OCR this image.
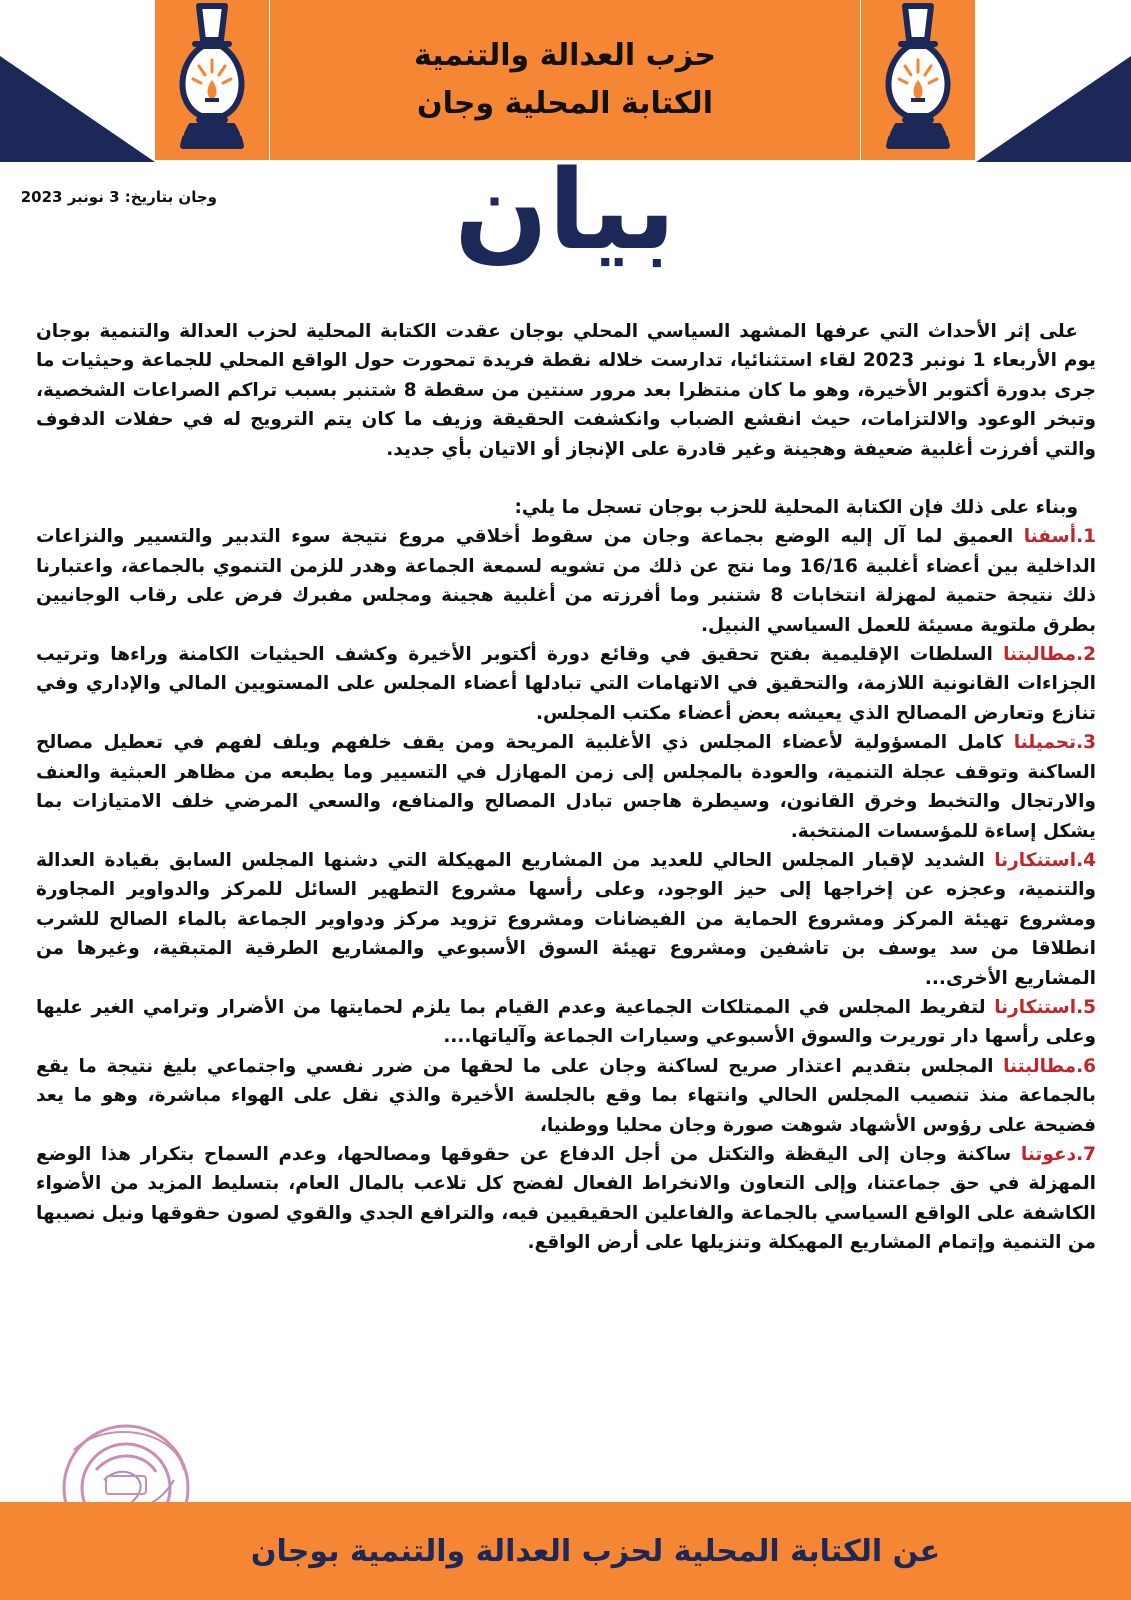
حزب العدالة والتنمية
الكتابة المحلية وجان
وجان بتاريخ: 3 نونبر 2023 بيان

على إثر الأحداث التي عرفها المشهد السياسي المحلي بوجان عقدت الكتابة المحلية لحزب العدالة والتنمية بوجان يوم الأربعاء 1 نونبر 2023 لقاء استثنائيا، تدارست خلاله نقطة فريدة تمحورت حول الواقع المحلي للجماعة وحيثيات ما جرى بدورة أكتوبر الأخيرة، وهو ما كان منتظرا بعد مرور سنتين من سقطة 8 شتنبر بسبب تراكم الصراعات الشخصية، وتبخر الوعود والالتزامات، حيث انقشع الضباب وانكشفت الحقيقة وزيف ما كان يتم الترويج له في حفلات الدفوف والتي أفرزت أغلبية ضعيفة وهجينة وغير قادرة على الإنجاز أو الاتيان بأي جديد.

وبناء على ذلك فإن الكتابة المحلية للحزب بوجان تسجل ما يلي:

1.أسفنا العميق لما آل إليه الوضع بجماعة وجان من سقوط أخلاقي مروع نتيجة سوء التدبير والتسيير والنزاعات الداخلية بين أعضاء أغلبية 16/16 وما نتج عن ذلك من تشويه لسمعة الجماعة وهدر للزمن التنموي بالجماعة، واعتبارنا ذلك نتيجة حتمية لمهزلة انتخابات 8 شتنبر وما أفرزته من أغلبية هجينة ومجلس مفبرك فرض على رقاب الوجانيين بطرق ملتوية مسيئة للعمل السياسي النبيل.

2.مطالبتنا السلطات الإقليمية بفتح تحقيق في وقائع دورة أكتوبر الأخيرة وكشف الحيثيات الكامنة وراءها وترتيب الجزاءات القانونية اللازمة، والتحقيق في الاتهامات التي تبادلها أعضاء المجلس على المستويين المالي والإداري وفي تنازع وتعارض المصالح الذي يعيشه بعض أعضاء مكتب المجلس.

3.تحميلنا كامل المسؤولية لأعضاء المجلس ذي الأغلبية المريحة ومن يقف خلفهم ويلف لفهم في تعطيل مصالح الساكنة وتوقف عجلة التنمية، والعودة بالمجلس إلى زمن المهازل في التسيير وما يطبعه من مظاهر العبثية والعنف والارتجال والتخبط وخرق القانون، وسيطرة هاجس تبادل المصالح والمنافع، والسعي المرضي خلف الامتيازات بما يشكل إساءة للمؤسسات المنتخبة.

4.استنكارنا الشديد لإقبار المجلس الحالي للعديد من المشاريع المهيكلة التي دشنها المجلس السابق بقيادة العدالة والتنمية، وعجزه عن إخراجها إلى حيز الوجود، وعلى رأسها مشروع التطهير السائل للمركز والدواوير المجاورة ومشروع تهيئة المركز ومشروع الحماية من الفيضانات ومشروع تزويد مركز ودواوير الجماعة بالماء الصالح للشرب انطلاقا من سد يوسف بن تاشفين ومشروع تهيئة السوق الأسبوعي والمشاريع الطرقية المتبقية، وغيرها من المشاريع الأخرى...

5.استنكارنا لتفريط المجلس في الممتلكات الجماعية وعدم القيام بما يلزم لحمايتها من الأضرار وترامي الغير عليها وعلى رأسها دار توريرت والسوق الأسبوعي وسيارات الجماعة وآلياتها....

6.مطالبتنا المجلس بتقديم اعتذار صريح لساكنة وجان على ما لحقها من ضرر نفسي واجتماعي بليغ نتيجة ما يقع بالجماعة منذ تنصيب المجلس الحالي وانتهاء بما وقع بالجلسة الأخيرة والذي نقل على الهواء مباشرة، وهو ما يعد فضيحة على رؤوس الأشهاد شوهت صورة وجان محليا ووطنيا،

7.دعوتنا ساكنة وجان إلى اليقظة والتكتل من أجل الدفاع عن حقوقها ومصالحها، وعدم السماح بتكرار هذا الوضع المهزلة في حق جماعتنا، وإلى التعاون والانخراط الفعال لفضح كل تلاعب بالمال العام، بتسليط المزيد من الأضواء الكاشفة على الواقع السياسي بالجماعة والفاعلين الحقيقيين فيه، والترافع الجدي والقوي لصون حقوقها ونيل نصيبها من التنمية وإتمام المشاريع المهيكلة وتنزيلها على أرض الواقع.

عن الكتابة المحلية لحزب العدالة والتنمية بوجان
